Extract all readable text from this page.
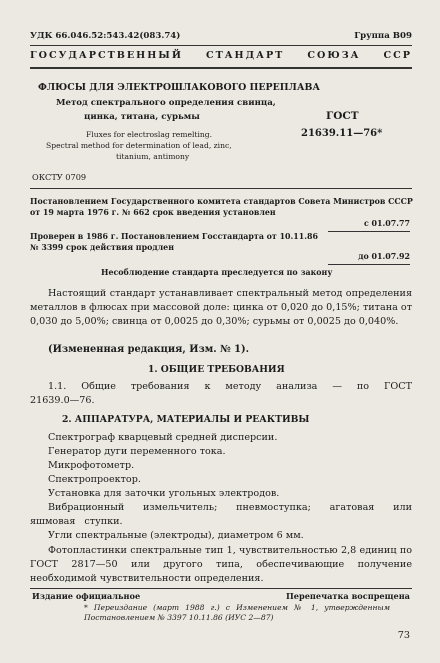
УДК 66.046.52:543.42(083.74)	Группа В09
ГОСУДАРСТВЕННЫЙ СТАНДАРТ СОЮЗА ССР
ФЛЮСЫ ДЛЯ ЭЛЕКТРОШЛАКОВОГО ПЕРЕПЛАВА
Метод спектрального определения свинца,
цинка, титана, сурьмы
Fluxes for electroslag remelting.
Spectral method for determination of lead, zinc,
titanium, antimony
ГОСТ
21639.11—76*
ОКСТУ 0709
Постановлением Государственного комитета стандартов Совета Министров СССР
от 19 марта 1976 г. № 662 срок введения установлен
с 01.07.77
Проверен в 1986 г. Постановлением Госстандарта от 10.11.86
№ 3399 срок действия продлен
до 01.07.92
Несоблюдение стандарта преследуется по закону
Настоящий стандарт устанавливает спектральный метод определения металлов в флюсах при массовой доле: цинка от 0,020 до 0,15%; титана от 0,030 до 5,00%; свинца от 0,0025 до 0,30%; сурьмы от 0,0025 до 0,040%.
(Измененная редакция, Изм. № 1).
1. ОБЩИЕ ТРЕБОВАНИЯ
1.1. Общие требования к методу анализа — по ГОСТ 21639.0—76.
2. АППАРАТУРА, МАТЕРИАЛЫ И РЕАКТИВЫ
Спектрограф кварцевый средней дисперсии.
Генератор дуги переменного тока.
Микрофотометр.
Спектропроектор.
Установка для заточки угольных электродов.
Вибрационный измельчитель; пневмоступка; агатовая или яшмовая ступки.
Угли спектральные (электроды), диаметром 6 мм.
Фотопластинки спектральные тип 1, чувствительностью 2,8 единиц по ГОСТ 2817—50 или другого типа, обеспечивающие получение необходимой чувствительности определения.
Издание официальное	Перепечатка воспрещена
* Переиздание (март 1988 г.) с Изменением № 1, утвержденным Постановлением № 3397 10.11.86 (ИУС 2—87)
73
